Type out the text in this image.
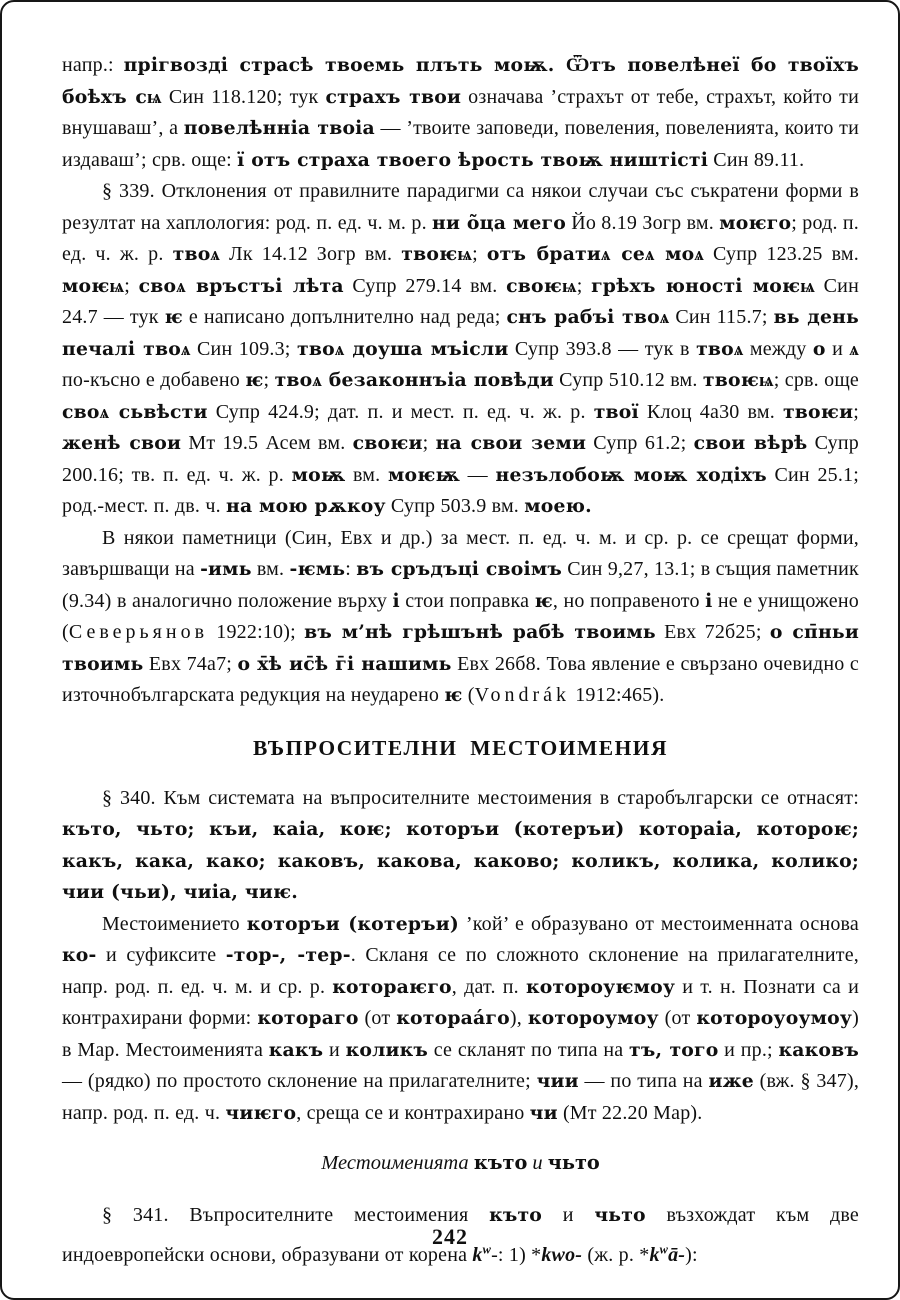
напр.: прігвозді страсѣ твоемь плъть моѭ. Ѿтъ повелѣнеї бо твоїхъ боѣхъ сѩ Син 118.120; тук страхъ твои означава ’страхът от тебе, страхът, който ти внушаваш’, а повелѣнніа твоіа — ’твоите заповеди, повеления, повеленията, които ти издаваш’; срв. още: ї отъ страха твоего ѣрость твоѭ ништісті Син 89.11.

§ 339. Отклонения от правилните парадигми са някои случаи със съкратени форми в резултат на хаплология: род. п. ед. ч. м. р. ни о̃ца мего Йо 8.19 Зогр вм. моѥго; род. п. ед. ч. ж. р. твоѧ Лк 14.12 Зогр вм. твоѥѩ; отъ братиѧ сеѧ моѧ Супр 123.25 вм. моѥѩ; своѧ връстъі лѣта Супр 279.14 вм. своѥѩ; грѣхъ юності моѥѩ Син 24.7 — тук ѥ е написано допълнително над реда; снъ рабъі твоѧ Син 115.7; вь день печалі твоѧ Син 109.3; твоѧ доуша мъісли Супр 393.8 — тук в твоѧ между о и ѧ по-късно е добавено ѥ; твоѧ безаконнъіа повѣди Супр 510.12 вм. твоѥѩ; срв. още своѧ сьвѣсти Супр 424.9; дат. п. и мест. п. ед. ч. ж. р. твої Клоц 4а30 вм. твоѥи; женѣ свои Мт 19.5 Асем вм. своѥи; на свои земи Супр 61.2; свои вѣрѣ Супр 200.16; тв. п. ед. ч. ж. р. моѭ вм. моѥѭ — незълобоѭ моѭ ходіхъ Син 25.1; род.-мест. п. дв. ч. на мою рѫкоу Супр 503.9 вм. моею.

В някои паметници (Син, Евх и др.) за мест. п. ед. ч. м. и ср. р. се срещат форми, завършващи на -имь вм. -ѥмь: въ сръдъці своімъ Син 9,27, 13.1; в същия паметник (9.34) в аналогично положение върху і стои поправка ѥ, но поправеното і не е унищожено (Северьянов 1922:10); въ м’нѣ грѣшънѣ рабѣ твоимь Евх 72б25; о сп̄ньи твоимь Евх 74а7; о х̄ѣ ис̄ѣ г̄і нашимь Евх 26б8. Това явление е свързано очевидно с източнобългарската редукция на неударено ѥ (Vondrák 1912:465).

ВЪПРОСИТЕЛНИ МЕСТОИМЕНИЯ

§ 340. Към системата на въпросителните местоимения в старобългарски се отнасят: къто, чьто; къи, каіа, коѥ; которъи (котеръи) котораіа, котороѥ; какъ, кака, како; каковъ, какова, каково; коликъ, колика, колико; чии (чьи), чиіа, чиѥ.

Местоимението которъи (котеръи) ’кой’ е образувано от местоименната основа ко- и суфиксите -тор-, -тер-. Скланя се по сложното склонение на прилагателните, напр. род. п. ед. ч. м. и ср. р. котораѥго, дат. п. котороуѥмоу и т. н. Познати са и контрахирани форми: котораго (от котораа́го), котороумоу (от котороуоумоу) в Мар. Местоименията какъ и коликъ се скланят по типа на тъ, того и пр.; каковъ — (рядко) по простото склонение на прилагателните; чии — по типа на иже (вж. § 347), напр. род. п. ед. ч. чиѥго, среща се и контрахирано чи (Мт 22.20 Мар).

Местоименията къто и чьто

§ 341. Въпросителните местоимения къто и чьто възхождат към две индоевропейски основи, образувани от корена $k^w-$: 1) *kwo- (ж. р. $*k^wā-$):

242
